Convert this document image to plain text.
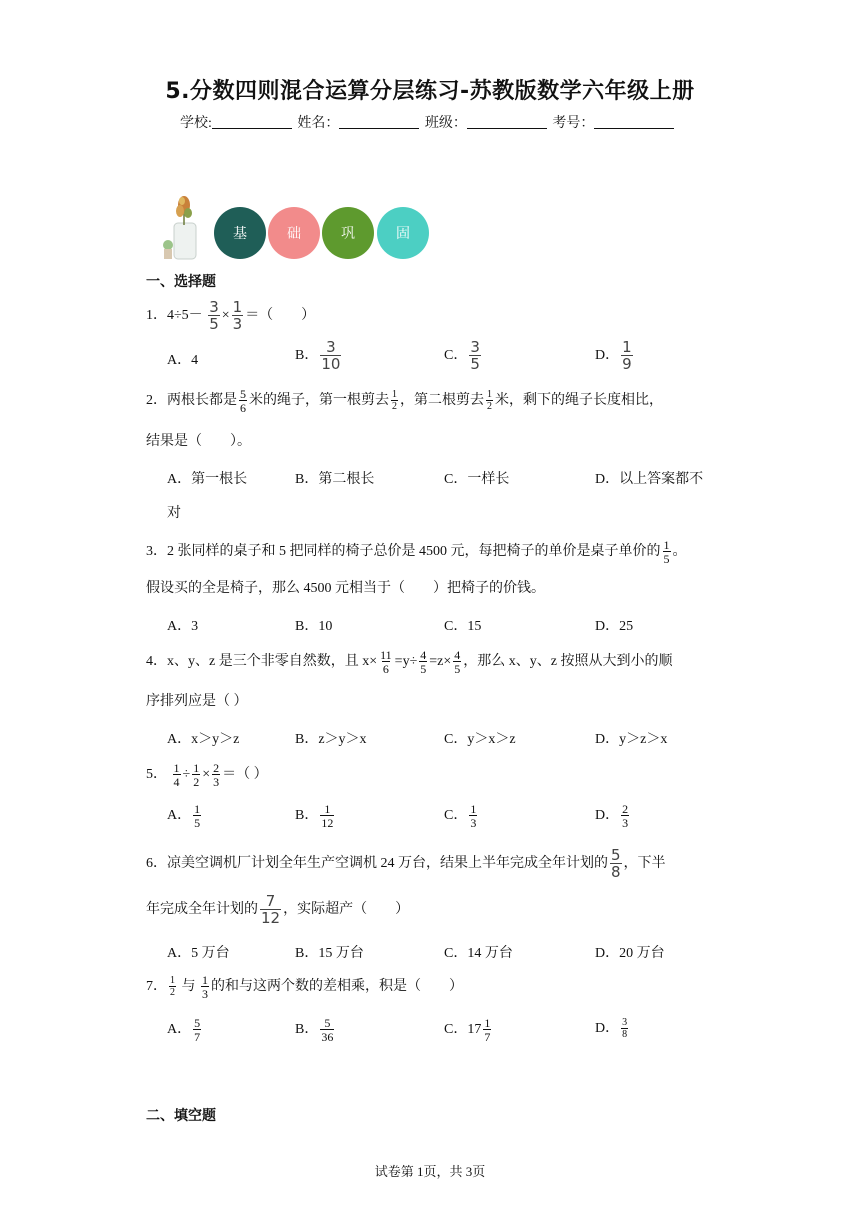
5.分数四则混合运算分层练习-苏教版数学六年级上册
学校:	姓名：	班级：	考号：
基	础	巩	固
一、选择题
1．$4\div 5- \frac{3}{5} \times \frac{1}{3}$ ＝（　　）
A．4	B． $\frac{3}{10}$	C． $\frac{3}{5}$	D． $\frac{1}{9}$
2．两根长都是 $\frac{5}{6}$ 米的绳子，第一根剪去 $\frac{1}{2}$ ，第二根剪去 $\frac{1}{2}$ 米，剩下的绳子长度相比，
结果是（　　）。
A．第一根长	B．第二根长	C．一样长	D．以上答案都不
对
3．2 张同样的桌子和 5 把同样的椅子总价是 4500 元，每把椅子的单价是桌子单价的 $\frac{1}{5}$ 。
假设买的全是椅子，那么 4500 元相当于（　　）把椅子的价钱。
A．3	B．10	C．15	D．25
4．x、y、z 是三个非零自然数，且 $x\times \frac{11}{6} =y\div \frac{4}{5} =z\times \frac{4}{5}$ ，那么 x、y、z 按照从大到小的顺
序排列应是（ ）
A．x＞y＞z	B．z＞y＞x	C．y＞x＞z	D．y＞z＞x
5． $\frac{1}{4} \div \frac{1}{2} \times \frac{2}{3}$ ＝（ ）
A． $\frac{1}{5}$	B． $\frac{1}{12}$	C． $\frac{1}{3}$	D． $\frac{2}{3}$
6．凉美空调机厂计划全年生产空调机 24 万台，结果上半年完成全年计划的 $\frac{5}{8}$ ，下半
年完成全年计划的 $\frac{7}{12}$ ，实际超产（　　）
A．5 万台	B．15 万台	C．14 万台	D．20 万台
7． $\frac{1}{2}$ 与 $\frac{1}{3}$ 的和与这两个数的差相乘，积是（　　）
A． $\frac{5}{7}$	B． $\frac{5}{36}$	C． $17 \frac{1}{7}$	D． $\frac{3}{8}$
二、填空题
试卷第 1页，共 3页
